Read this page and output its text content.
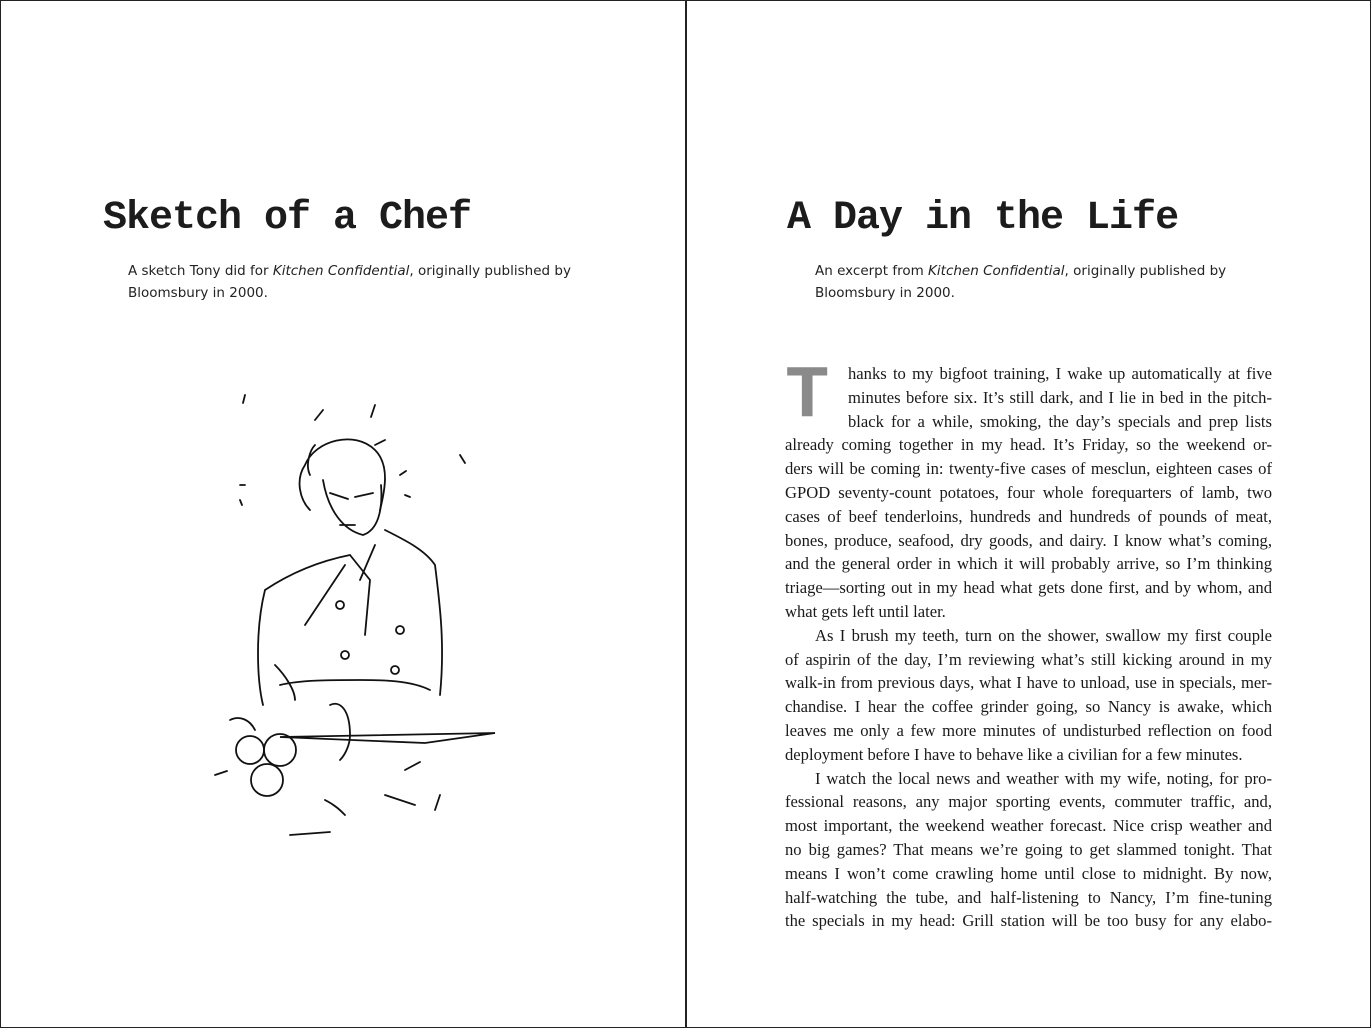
Sketch of a Chef
A sketch Tony did for Kitchen Confidential, originally published by
Bloomsbury in 2000.
A Day in the Life
An excerpt from Kitchen Confidential, originally published by
Bloomsbury in 2000.
T	hanks to my bigfoot training, I wake up automatically at five
minutes before six. It’s still dark, and I lie in bed in the pitch-
black for a while, smoking, the day’s specials and prep lists
already coming together in my head. It’s Friday, so the weekend or-
ders will be coming in: twenty-five cases of mesclun, eighteen cases of
GPOD seventy-count potatoes, four whole forequarters of lamb, two
cases of beef tenderloins, hundreds and hundreds of pounds of meat,
bones, produce, seafood, dry goods, and dairy. I know what’s coming,
and the general order in which it will probably arrive, so I’m thinking
triage—sorting out in my head what gets done first, and by whom, and
what gets left until later.
As I brush my teeth, turn on the shower, swallow my first couple
of aspirin of the day, I’m reviewing what’s still kicking around in my
walk-in from previous days, what I have to unload, use in specials, mer-
chandise. I hear the coffee grinder going, so Nancy is awake, which
leaves me only a few more minutes of undisturbed reflection on food
deployment before I have to behave like a civilian for a few minutes.
I watch the local news and weather with my wife, noting, for pro-
fessional reasons, any major sporting events, commuter traffic, and,
most important, the weekend weather forecast. Nice crisp weather and
no big games? That means we’re going to get slammed tonight. That
means I won’t come crawling home until close to midnight. By now,
half-watching the tube, and half-listening to Nancy, I’m fine-tuning
the specials in my head: Grill station will be too busy for any elabo-
